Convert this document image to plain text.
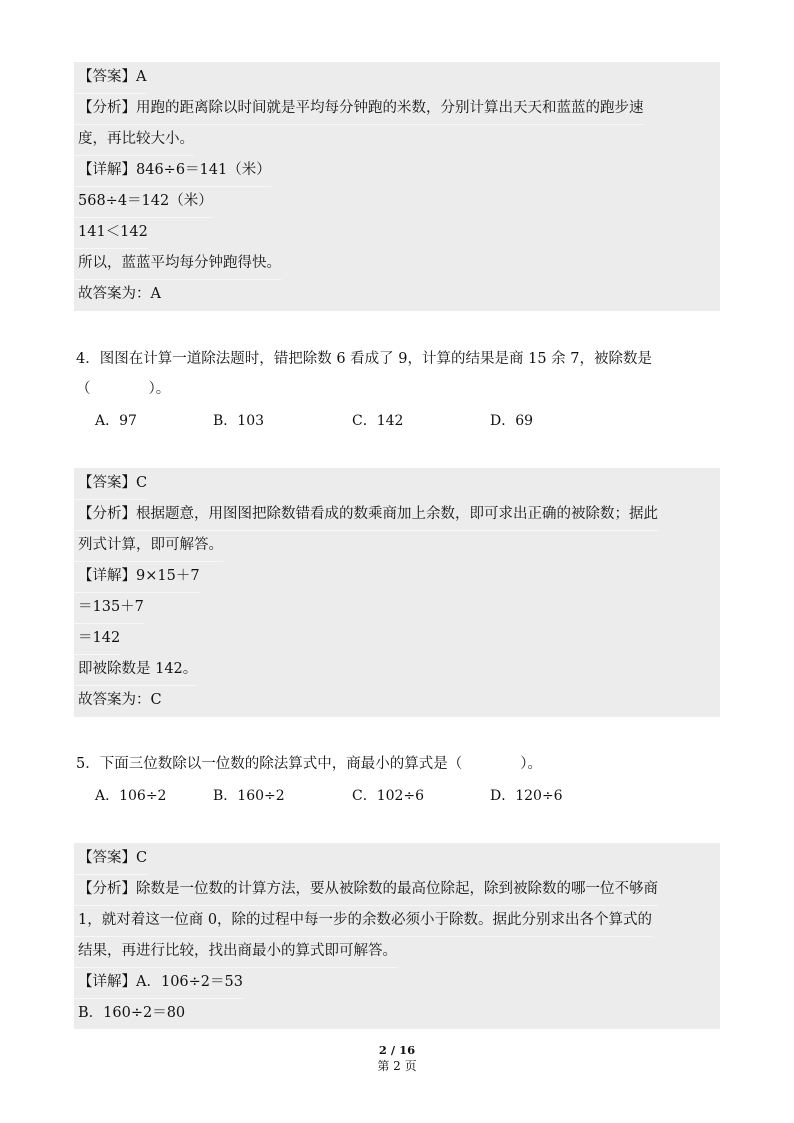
【答案】A
【分析】用跑的距离除以时间就是平均每分钟跑的米数，分别计算出天天和蓝蓝的跑步速
度，再比较大小。
【详解】846÷6＝141（米）
568÷4＝142（米）
141＜142
所以，蓝蓝平均每分钟跑得快。
故答案为：A
4．图图在计算一道除法题时，错把除数 6 看成了 9，计算的结果是商 15 余 7，被除数是
（　　　　）。
A．97	B．103	C．142	D．69
【答案】C
【分析】根据题意，用图图把除数错看成的数乘商加上余数，即可求出正确的被除数；据此
列式计算，即可解答。
【详解】9×15＋7
＝135＋7
＝142
即被除数是 142。
故答案为：C
5．下面三位数除以一位数的除法算式中，商最小的算式是（　　　　）。
A．106÷2	B．160÷2	C．102÷6	D．120÷6
【答案】C
【分析】除数是一位数的计算方法，要从被除数的最高位除起，除到被除数的哪一位不够商
1，就对着这一位商 0，除的过程中每一步的余数必须小于除数。据此分别求出各个算式的
结果，再进行比较，找出商最小的算式即可解答。
【详解】A．106÷2＝53
B．160÷2＝80
2 / 16
第 2 页
